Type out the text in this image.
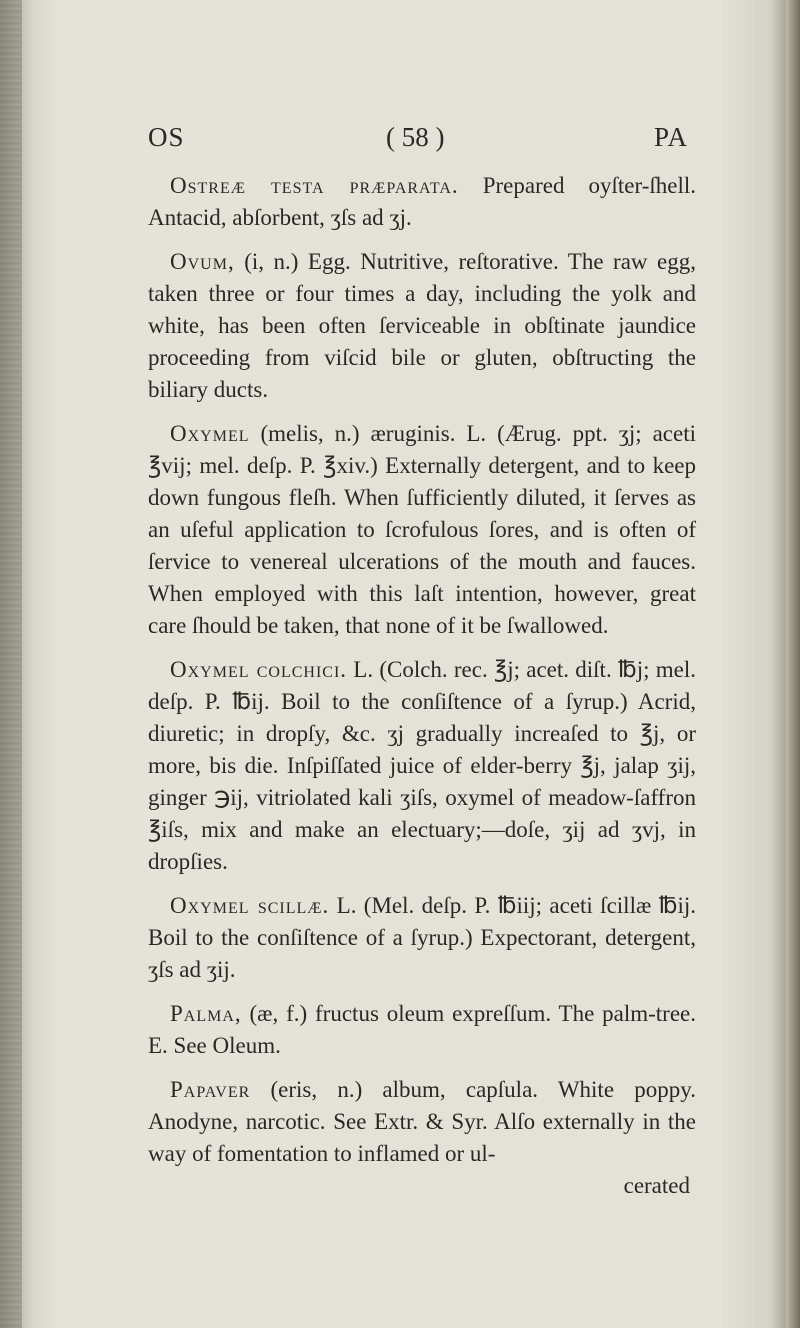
OS	( 58 )	PA

Ostreæ testa præparata. Prepared oyſter-ſhell. Antacid, abſorbent, ʒſs ad ʒj.

Ovum, (i, n.) Egg. Nutritive, reſtorative. The raw egg, taken three or four times a day, including the yolk and white, has been often ſerviceable in obſtinate jaundice proceeding from viſcid bile or gluten, obſtructing the biliary ducts.

Oxymel (melis, n.) æruginis. L. (Ærug. ppt. ʒj; aceti ℥vij; mel. deſp. P. ℥xiv.) Externally detergent, and to keep down fungous fleſh. When ſufficiently diluted, it ſerves as an uſeful application to ſcrofulous ſores, and is often of ſervice to venereal ulcerations of the mouth and fauces. When employed with this laſt intention, however, great care ſhould be taken, that none of it be ſwallowed.

Oxymel colchici. L. (Colch. rec. ℥j; acet. diſt. ℔j; mel. deſp. P. ℔ij. Boil to the conſiſtence of a ſyrup.) Acrid, diuretic; in dropſy, &c. ʒj gradually increaſed to ℥j, or more, bis die. Inſpiſſated juice of elder-berry ℥j, jalap ʒij, ginger ℈ij, vitriolated kali ʒiſs, oxymel of meadow-ſaffron ℥iſs, mix and make an electuary;—doſe, ʒij ad ʒvj, in dropſies.

Oxymel scillæ. L. (Mel. deſp. P. ℔iij; aceti ſcillæ ℔ij. Boil to the conſiſtence of a ſyrup.) Expectorant, detergent, ʒſs ad ʒij.

Palma, (æ, f.) fructus oleum expreſſum. The palm-tree. E. See Oleum.

Papaver (eris, n.) album, capſula. White poppy. Anodyne, narcotic. See Extr. & Syr. Alſo externally in the way of fomentation to inflamed or ul-

cerated
